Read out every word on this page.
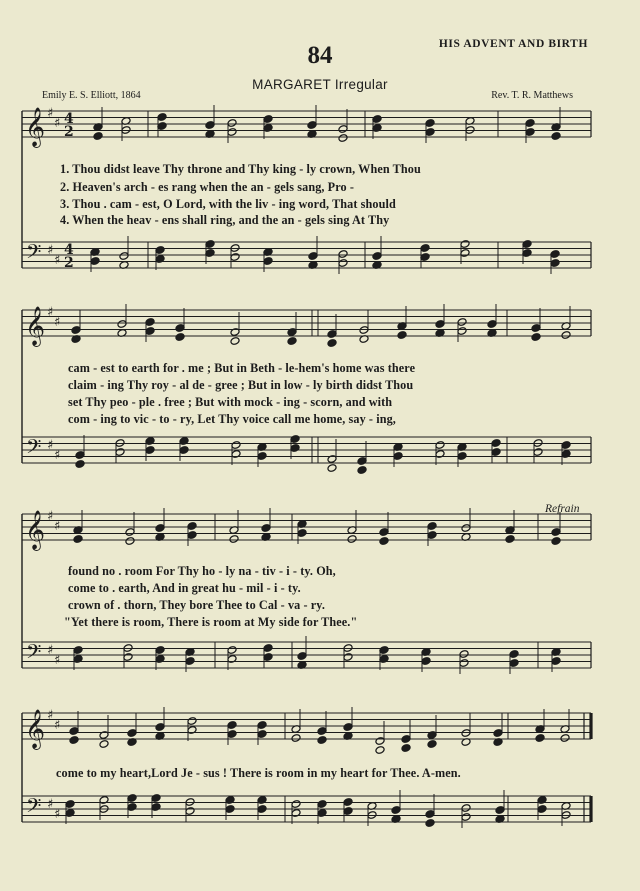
HIS ADVENT AND BIRTH
84
MARGARET Irregular
Emily E. S. Elliott, 1864	Rev. T. R. Matthews
Refrain
1. Thou didst leave Thy throne and Thy king - ly crown, When Thou
2. Heaven's arch - es rang when the an - gels sang, Pro -
3. Thou . cam - est, O Lord, with the liv - ing word, That should
4. When the heav - ens shall ring, and the an - gels sing At Thy
cam - est to earth for . me ; But in Beth - le-hem's home was there
claim - ing Thy roy - al de - gree ; But in low - ly birth didst Thou
set Thy peo - ple . free ; But with mock - ing - scorn, and with
com - ing to vic - to - ry, Let Thy voice call me home, say - ing,
found no . room For Thy ho - ly na - tiv - i - ty. Oh,
come to . earth, And in great hu - mil - i - ty.
crown of . thorn, They bore Thee to Cal - va - ry.
"Yet there is room, There is room at My side for Thee."
come to my heart,Lord Je - sus ! There is room in my heart for Thee. A-men.
𝄞 ♯
♯ 4
2
𝄢 ♯
♯
4
2
𝄞 ♯
♯
𝄢 ♯
♯
𝄞 ♯
♯
𝄢 ♯
♯
𝄞 ♯
♯
𝄢 ♯
♯
